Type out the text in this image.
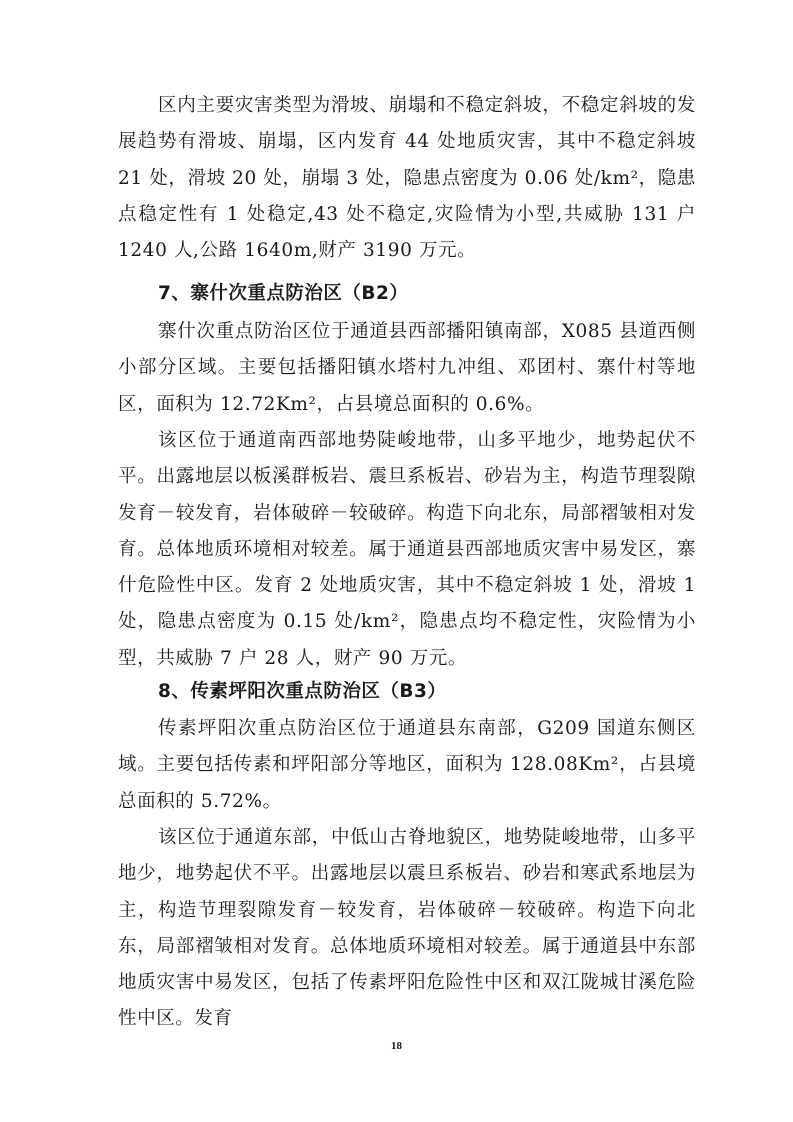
区内主要灾害类型为滑坡、崩塌和不稳定斜坡，不稳定斜坡的发展趋势有滑坡、崩塌，区内发育 44 处地质灾害，其中不稳定斜坡 21 处，滑坡 20 处，崩塌 3 处，隐患点密度为 0.06 处/km²，隐患点稳定性有 1 处稳定,43 处不稳定,灾险情为小型,共威胁 131 户 1240 人,公路 1640m,财产 3190 万元。

7、寨什次重点防治区（B2）

寨什次重点防治区位于通道县西部播阳镇南部，X085 县道西侧小部分区域。主要包括播阳镇水塔村九冲组、邓团村、寨什村等地区，面积为 12.72Km²，占县境总面积的 0.6%。

该区位于通道南西部地势陡峻地带，山多平地少，地势起伏不平。出露地层以板溪群板岩、震旦系板岩、砂岩为主，构造节理裂隙发育－较发育，岩体破碎－较破碎。构造下向北东，局部褶皱相对发育。总体地质环境相对较差。属于通道县西部地质灾害中易发区，寨什危险性中区。发育 2 处地质灾害，其中不稳定斜坡 1 处，滑坡 1 处，隐患点密度为 0.15 处/km²，隐患点均不稳定性，灾险情为小型，共威胁 7 户 28 人，财产 90 万元。

8、传素坪阳次重点防治区（B3）

传素坪阳次重点防治区位于通道县东南部，G209 国道东侧区域。主要包括传素和坪阳部分等地区，面积为 128.08Km²，占县境总面积的 5.72%。

该区位于通道东部，中低山古脊地貌区，地势陡峻地带，山多平地少，地势起伏不平。出露地层以震旦系板岩、砂岩和寒武系地层为主，构造节理裂隙发育－较发育，岩体破碎－较破碎。构造下向北东，局部褶皱相对发育。总体地质环境相对较差。属于通道县中东部地质灾害中易发区，包括了传素坪阳危险性中区和双江陇城甘溪危险性中区。发育

18
